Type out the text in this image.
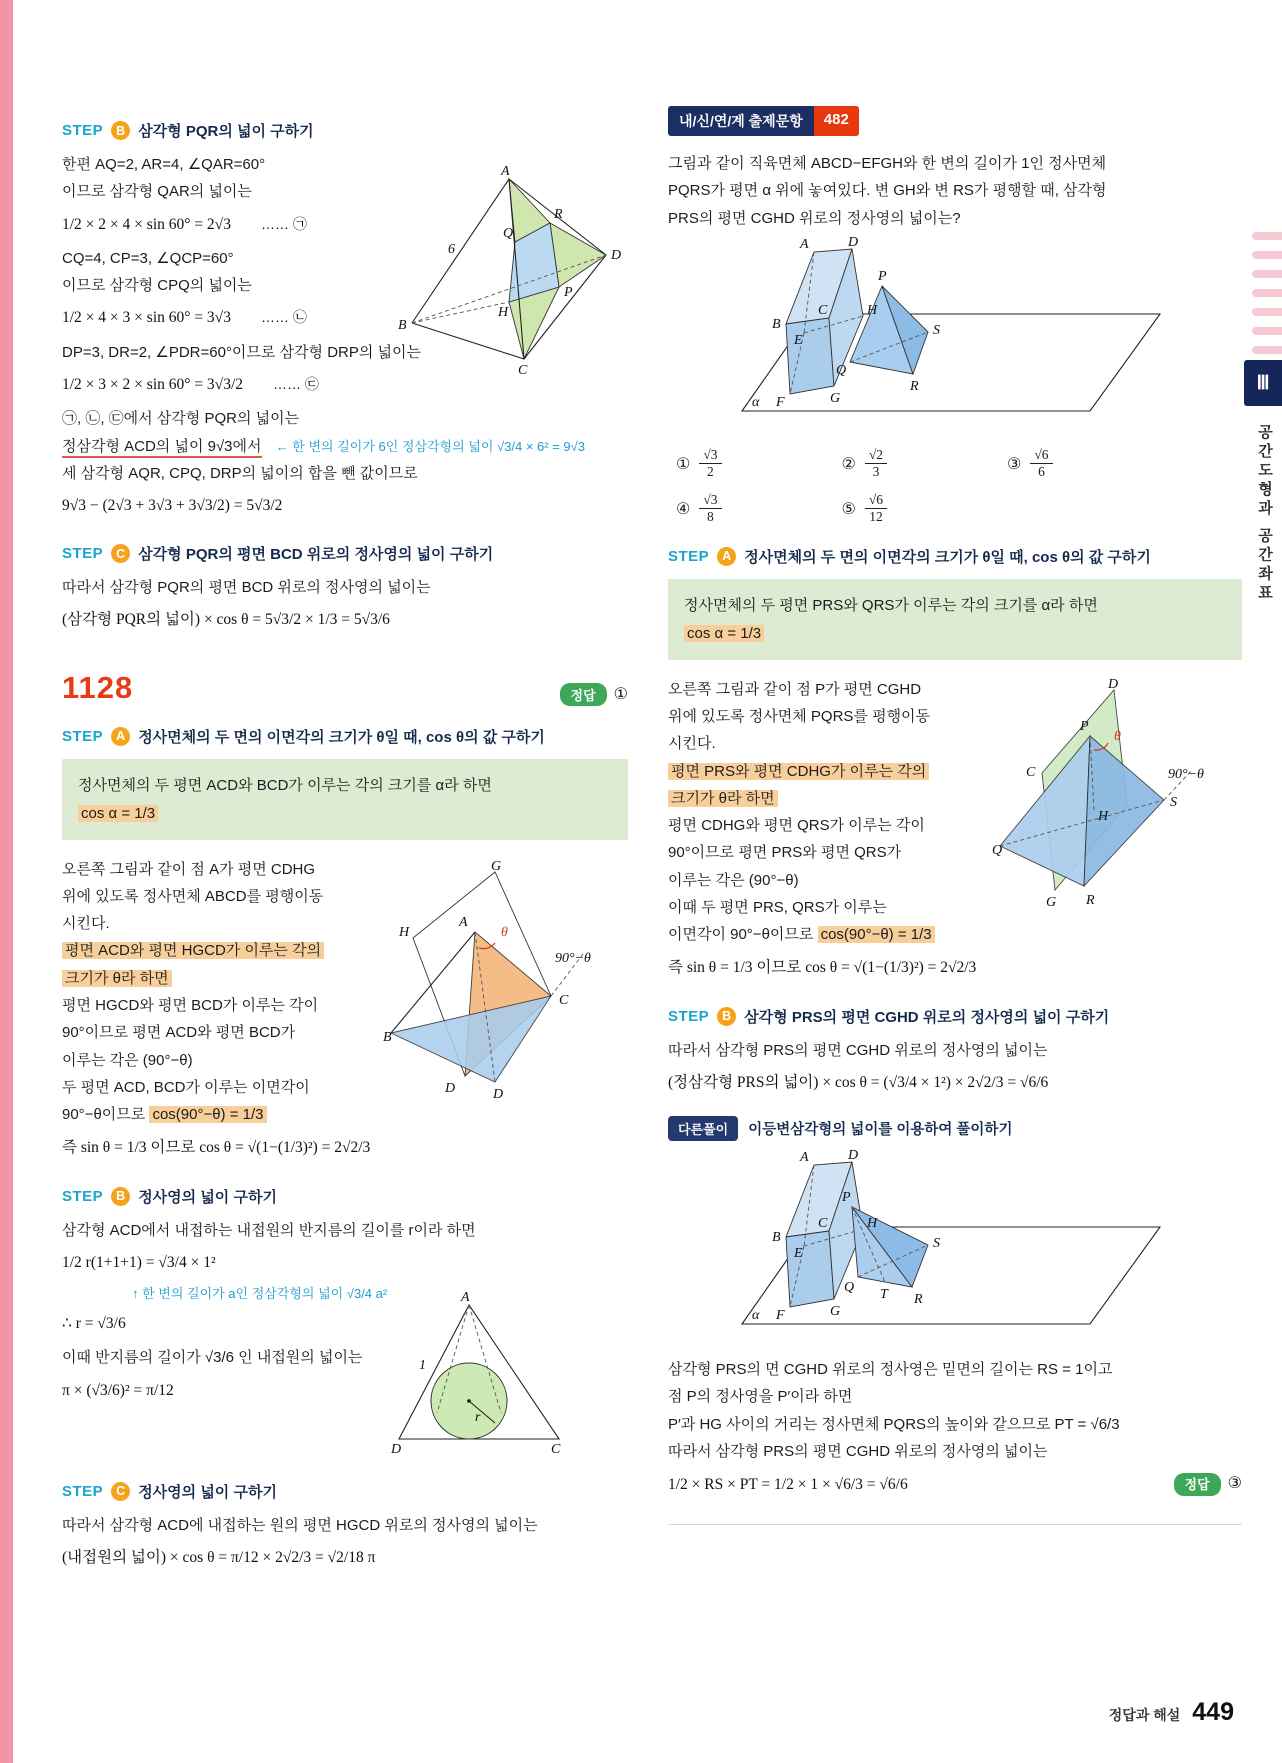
Ⅲ
공간도형과 공간좌표
STEP	B 삼각형 PQR의 넓이 구하기
A
B
C
D
Q
R
P
H
6
한편 AQ=2, AR=4, ∠QAR=60°
이므로 삼각형 QAR의 넓이는
1/2 × 2 × 4 × sin 60° = 2√3 …… ㉠
CQ=4, CP=3, ∠QCP=60°
이므로 삼각형 CPQ의 넓이는
1/2 × 4 × 3 × sin 60° = 3√3 …… ㉡
DP=3, DR=2, ∠PDR=60°이므로 삼각형 DRP의 넓이는
1/2 × 3 × 2 × sin 60° = 3√3/2 …… ㉢
㉠, ㉡, ㉢에서 삼각형 PQR의 넓이는
정삼각형 ACD의 넓이 9√3에서 ← 한 변의 길이가 6인 정삼각형의 넓이 √3/4 × 6² = 9√3
세 삼각형 AQR, CPQ, DRP의 넓이의 합을 뺀 값이므로
9√3 − (2√3 + 3√3 + 3√3/2) = 5√3/2
STEP	C 삼각형 PQR의 평면 BCD 위로의 정사영의 넓이 구하기
따라서 삼각형 PQR의 평면 BCD 위로의 정사영의 넓이는
(삼각형 PQR의 넓이) × cos θ = 5√3/2 × 1/3 = 5√3/6
1128	정답	①
STEP	A 정사면체의 두 면의 이면각의 크기가 θ일 때, cos θ의 값 구하기
정사면체의 두 평면 ACD와 BCD가 이루는 각의 크기를 α라 하면
cos α = 1/3
G
H
A
θ
90°−θ
C
B
D	D
오른쪽 그림과 같이 점 A가 평면 CDHG
위에 있도록 정사면체 ABCD를 평행이동
시킨다.
평면 ACD와 평면 HGCD가 이루는 각의
크기가 θ라 하면
평면 HGCD와 평면 BCD가 이루는 각이
90°이므로 평면 ACD와 평면 BCD가
이루는 각은 (90°−θ)
두 평면 ACD, BCD가 이루는 이면각이
90°−θ이므로 cos(90°−θ) = 1/3
즉 sin θ = 1/3 이므로 cos θ = √(1−(1/3)²) = 2√2/3
STEP	B 정사영의 넓이 구하기
A
D	C
r
1
삼각형 ACD에서 내접하는 내접원의 반지름의 길이를 r이라 하면
1/2 r(1+1+1) = √3/4 × 1²
↑ 한 변의 길이가 a인 정삼각형의 넓이 √3/4 a²
∴ r = √3/6
이때 반지름의 길이가 √3/6 인 내접원의 넓이는
π × (√3/6)² = π/12
STEP	C 정사영의 넓이 구하기
따라서 삼각형 ACD에 내접하는 원의 평면 HGCD 위로의 정사영의 넓이는
(내접원의 넓이) × cos θ = π/12 × 2√2/3 = √2/18 π
내/신/연/계 출제문항	482
그림과 같이 직육면체 ABCD−EFGH와 한 변의 길이가 1인 정사면체
PQRS가 평면 α 위에 놓여있다. 변 GH와 변 RS가 평행할 때, 삼각형
PRS의 평면 CGHD 위로의 정사영의 넓이는?
A	D
B
E
C	H
F	G
P
S
Q
R
α
① $\frac{√3}{2}$	② $\frac{√2}{3}$	③ $\frac{√6}{6}$
④ $\frac{√3}{8}$	⑤ $\frac{√6}{12}$
STEP	A 정사면체의 두 면의 이면각의 크기가 θ일 때, cos θ의 값 구하기
정사면체의 두 평면 PRS와 QRS가 이루는 각의 크기를 α라 하면
cos α = 1/3
D
P
θ
C	90°−θ
S
H
Q
G R
오른쪽 그림과 같이 점 P가 평면 CGHD
위에 있도록 정사면체 PQRS를 평행이동
시킨다.
평면 PRS와 평면 CDHG가 이루는 각의
크기가 θ라 하면
평면 CDHG와 평면 QRS가 이루는 각이
90°이므로 평면 PRS와 평면 QRS가
이루는 각은 (90°−θ)
이때 두 평면 PRS, QRS가 이루는
이면각이 90°−θ이므로 cos(90°−θ) = 1/3
즉 sin θ = 1/3 이므로 cos θ = √(1−(1/3)²) = 2√2/3
STEP	B 삼각형 PRS의 평면 CGHD 위로의 정사영의 넓이 구하기
따라서 삼각형 PRS의 평면 CGHD 위로의 정사영의 넓이는
(정삼각형 PRS의 넓이) × cos θ = (√3/4 × 1²) × 2√2/3 = √6/6
다른풀이	이등변삼각형의 넓이를 이용하여 풀이하기
A	D
B
E
C	H
F	G
P
S
Q
R
T
α
삼각형 PRS의 면 CGHD 위로의 정사영은 밑면의 길이는 RS = 1이고
점 P의 정사영을 P′이라 하면
P′과 HG 사이의 거리는 정사면체 PQRS의 높이와 같으므로 PT = √6/3
따라서 삼각형 PRS의 평면 CGHD 위로의 정사영의 넓이는
1/2 × RS × PT = 1/2 × 1 × √6/3 = √6/6	정답	③
정답과 해설 449
